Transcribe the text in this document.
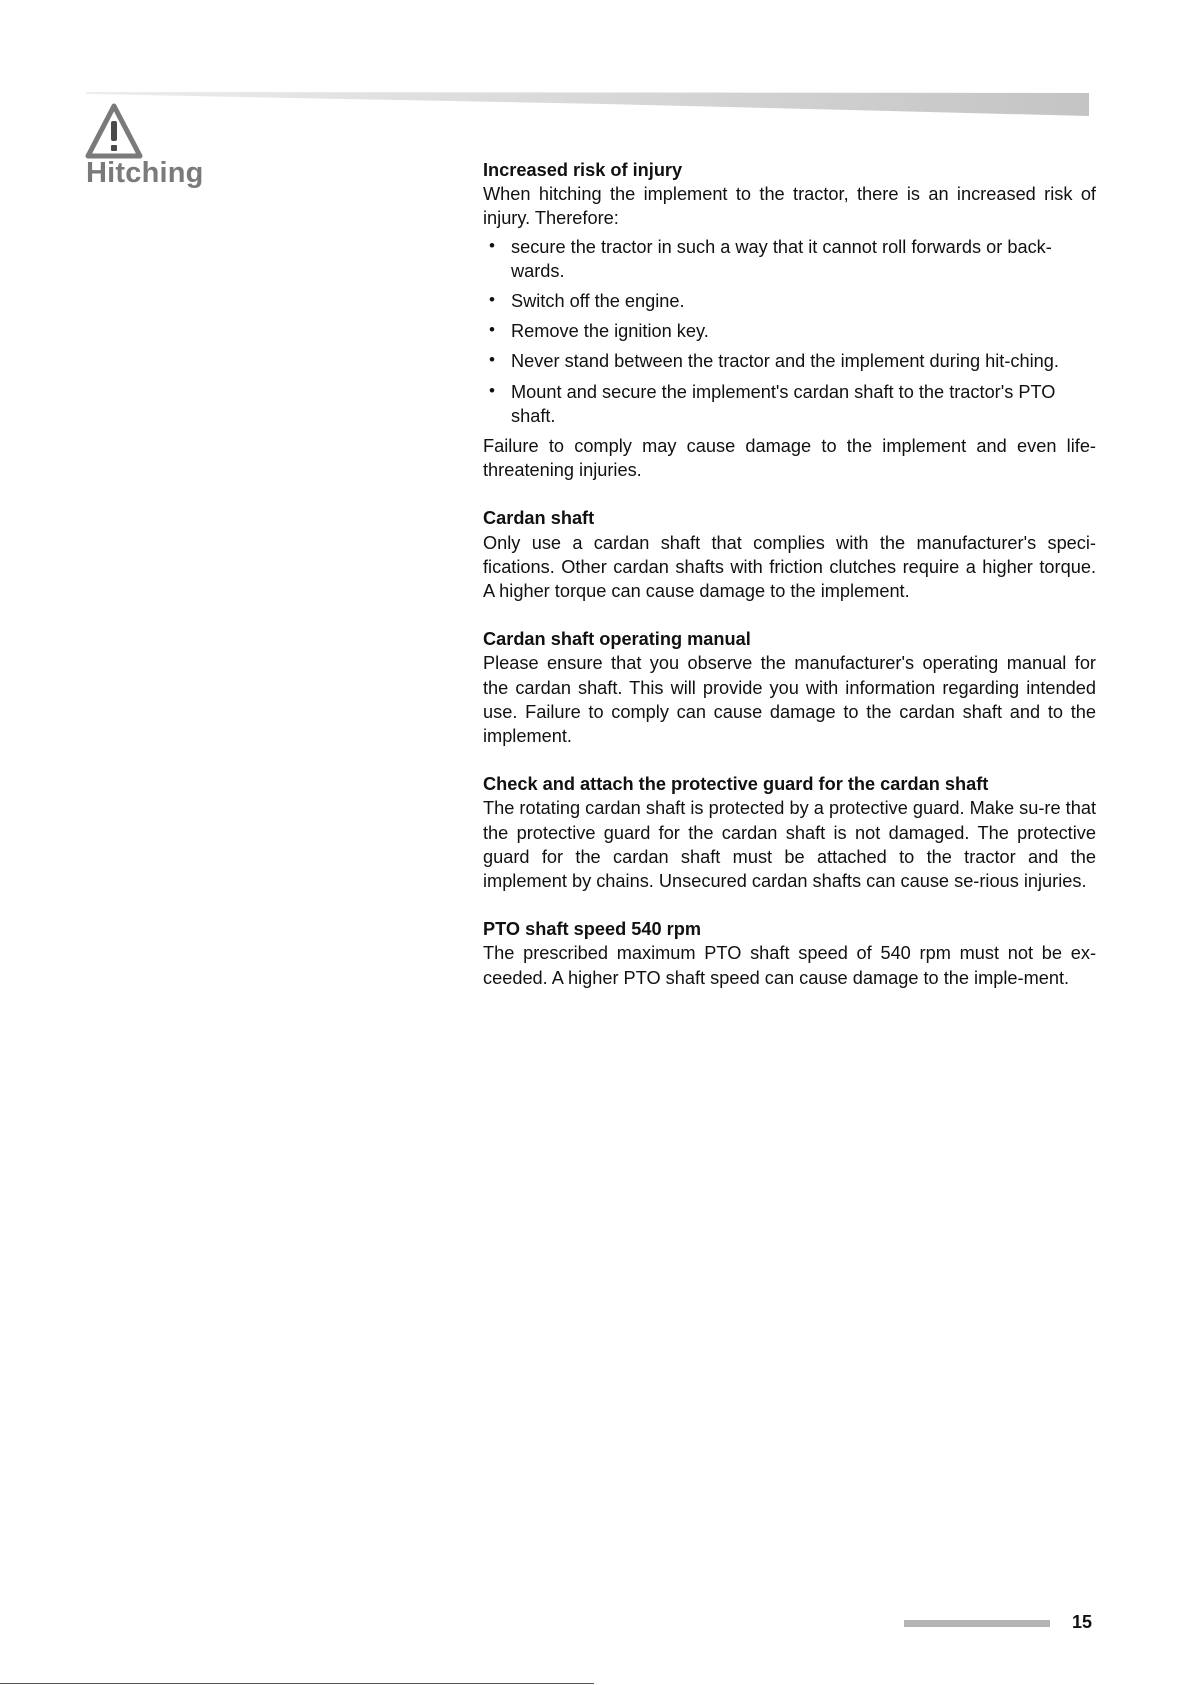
Hitching	Increased risk of injury

When hitching the implement to the tractor, there is an increased risk of injury. Therefore:

• secure the tractor in such a way that it cannot roll forwards or back-wards.
• Switch off the engine.
• Remove the ignition key.
• Never stand between the tractor and the implement during hit-ching.
• Mount and secure the implement's cardan shaft to the tractor's PTO shaft.

Failure to comply may cause damage to the implement and even life-threatening injuries.

Cardan shaft

Only use a cardan shaft that complies with the manufacturer's speci-fications. Other cardan shafts with friction clutches require a higher torque. A higher torque can cause damage to the implement.

Cardan shaft operating manual

Please ensure that you observe the manufacturer's operating manual for the cardan shaft. This will provide you with information regarding intended use. Failure to comply can cause damage to the cardan shaft and to the implement.

Check and attach the protective guard for the cardan shaft

The rotating cardan shaft is protected by a protective guard. Make su-re that the protective guard for the cardan shaft is not damaged. The protective guard for the cardan shaft must be attached to the tractor and the implement by chains. Unsecured cardan shafts can cause se-rious injuries.

PTO shaft speed 540 rpm

The prescribed maximum PTO shaft speed of 540 rpm must not be ex-ceeded. A higher PTO shaft speed can cause damage to the imple-ment.

15
